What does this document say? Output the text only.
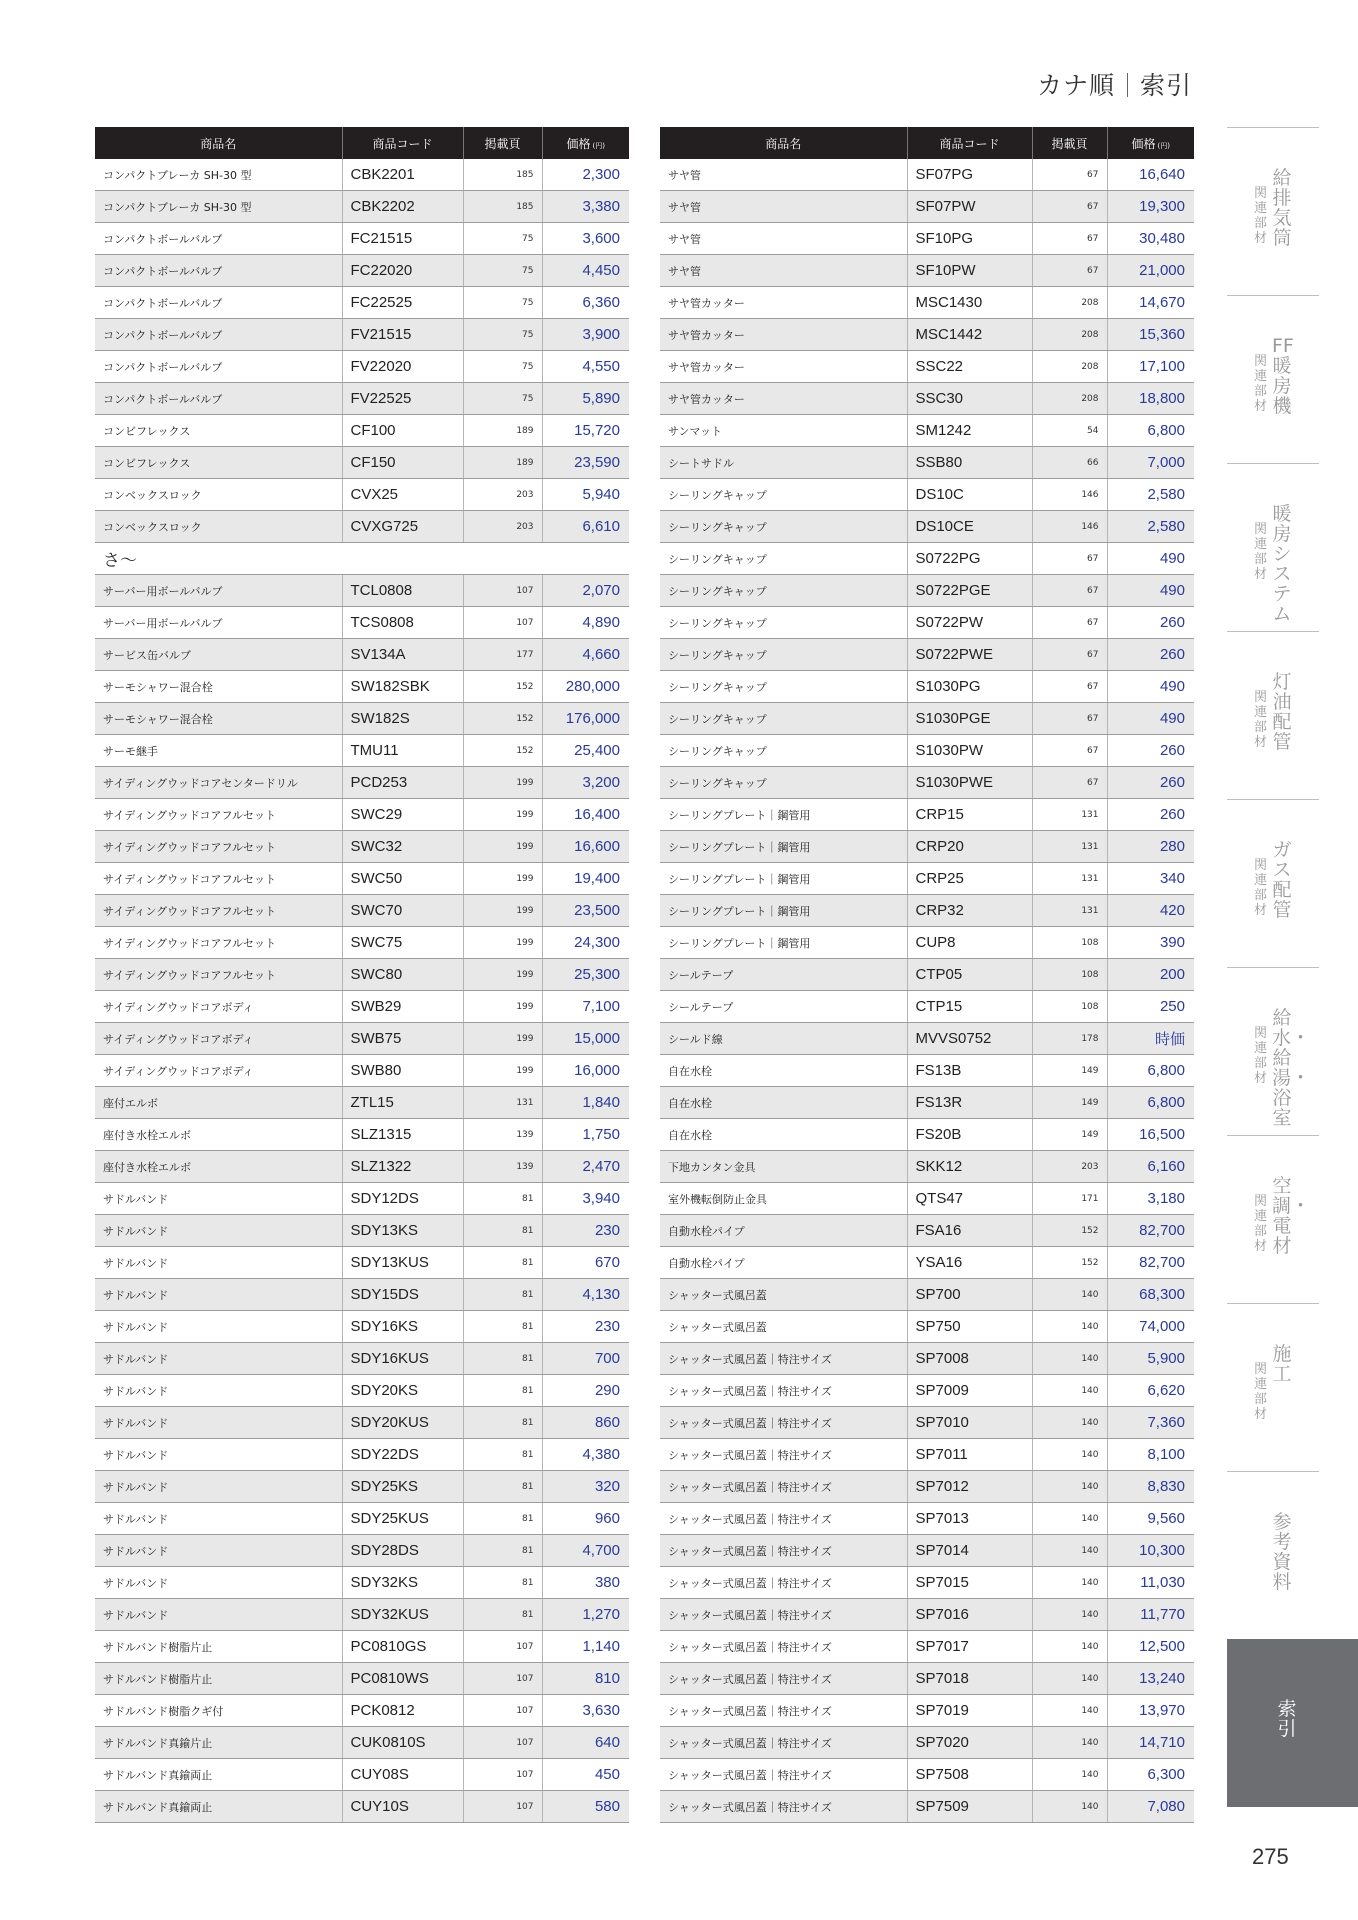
カナ順 索引
商品名	商品コード	掲載頁	価格 (円)
コンパクトブレーカ SH-30 型	CBK2201	185	2,300
コンパクトブレーカ SH-30 型	CBK2202	185	3,380
コンパクトボールバルブ	FC21515	75	3,600
コンパクトボールバルブ	FC22020	75	4,450
コンパクトボールバルブ	FC22525	75	6,360
コンパクトボールバルブ	FV21515	75	3,900
コンパクトボールバルブ	FV22020	75	4,550
コンパクトボールバルブ	FV22525	75	5,890
コンビフレックス	CF100	189	15,720
コンビフレックス	CF150	189	23,590
コンベックスロック	CVX25	203	5,940
コンベックスロック	CVXG725	203	6,610
さ〜			
サーバー用ボールバルブ	TCL0808	107	2,070
サーバー用ボールバルブ	TCS0808	107	4,890
サービス缶バルブ	SV134A	177	4,660
サーモシャワー混合栓	SW182SBK	152	280,000
サーモシャワー混合栓	SW182S	152	176,000
サーモ継手	TMU11	152	25,400
サイディングウッドコアセンタードリル	PCD253	199	3,200
サイディングウッドコアフルセット	SWC29	199	16,400
サイディングウッドコアフルセット	SWC32	199	16,600
サイディングウッドコアフルセット	SWC50	199	19,400
サイディングウッドコアフルセット	SWC70	199	23,500
サイディングウッドコアフルセット	SWC75	199	24,300
サイディングウッドコアフルセット	SWC80	199	25,300
サイディングウッドコアボディ	SWB29	199	7,100
サイディングウッドコアボディ	SWB75	199	15,000
サイディングウッドコアボディ	SWB80	199	16,000
座付エルボ	ZTL15	131	1,840
座付き水栓エルボ	SLZ1315	139	1,750
座付き水栓エルボ	SLZ1322	139	2,470
サドルバンド	SDY12DS	81	3,940
サドルバンド	SDY13KS	81	230
サドルバンド	SDY13KUS	81	670
サドルバンド	SDY15DS	81	4,130
サドルバンド	SDY16KS	81	230
サドルバンド	SDY16KUS	81	700
サドルバンド	SDY20KS	81	290
サドルバンド	SDY20KUS	81	860
サドルバンド	SDY22DS	81	4,380
サドルバンド	SDY25KS	81	320
サドルバンド	SDY25KUS	81	960
サドルバンド	SDY28DS	81	4,700
サドルバンド	SDY32KS	81	380
サドルバンド	SDY32KUS	81	1,270
サドルバンド樹脂片止	PC0810GS	107	1,140
サドルバンド樹脂片止	PC0810WS	107	810
サドルバンド樹脂クギ付	PCK0812	107	3,630
サドルバンド真鍮片止	CUK0810S	107	640
サドルバンド真鍮両止	CUY08S	107	450
サドルバンド真鍮両止	CUY10S	107	580
商品名	商品コード	掲載頁	価格 (円)
サヤ管	SF07PG	67	16,640
サヤ管	SF07PW	67	19,300
サヤ管	SF10PG	67	30,480
サヤ管	SF10PW	67	21,000
サヤ管カッター	MSC1430	208	14,670
サヤ管カッター	MSC1442	208	15,360
サヤ管カッター	SSC22	208	17,100
サヤ管カッター	SSC30	208	18,800
サンマット	SM1242	54	6,800
シートサドル	SSB80	66	7,000
シーリングキャップ	DS10C	146	2,580
シーリングキャップ	DS10CE	146	2,580
シーリングキャップ	S0722PG	67	490
シーリングキャップ	S0722PGE	67	490
シーリングキャップ	S0722PW	67	260
シーリングキャップ	S0722PWE	67	260
シーリングキャップ	S1030PG	67	490
シーリングキャップ	S1030PGE	67	490
シーリングキャップ	S1030PW	67	260
シーリングキャップ	S1030PWE	67	260
シーリングプレート｜鋼管用	CRP15	131	260
シーリングプレート｜鋼管用	CRP20	131	280
シーリングプレート｜鋼管用	CRP25	131	340
シーリングプレート｜鋼管用	CRP32	131	420
シーリングプレート｜鋼管用	CUP8	108	390
シールテープ	CTP05	108	200
シールテープ	CTP15	108	250
シールド線	MVVS0752	178	時価
自在水栓	FS13B	149	6,800
自在水栓	FS13R	149	6,800
自在水栓	FS20B	149	16,500
下地カンタン金具	SKK12	203	6,160
室外機転倒防止金具	QTS47	171	3,180
自動水栓パイプ	FSA16	152	82,700
自動水栓パイプ	YSA16	152	82,700
シャッター式風呂蓋	SP700	140	68,300
シャッター式風呂蓋	SP750	140	74,000
シャッター式風呂蓋｜特注サイズ	SP7008	140	5,900
シャッター式風呂蓋｜特注サイズ	SP7009	140	6,620
シャッター式風呂蓋｜特注サイズ	SP7010	140	7,360
シャッター式風呂蓋｜特注サイズ	SP7011	140	8,100
シャッター式風呂蓋｜特注サイズ	SP7012	140	8,830
シャッター式風呂蓋｜特注サイズ	SP7013	140	9,560
シャッター式風呂蓋｜特注サイズ	SP7014	140	10,300
シャッター式風呂蓋｜特注サイズ	SP7015	140	11,030
シャッター式風呂蓋｜特注サイズ	SP7016	140	11,770
シャッター式風呂蓋｜特注サイズ	SP7017	140	12,500
シャッター式風呂蓋｜特注サイズ	SP7018	140	13,240
シャッター式風呂蓋｜特注サイズ	SP7019	140	13,970
シャッター式風呂蓋｜特注サイズ	SP7020	140	14,710
シャッター式風呂蓋｜特注サイズ	SP7508	140	6,300
シャッター式風呂蓋｜特注サイズ	SP7509	140	7,080
給排気筒
関連部材
FF暖房機
関連部材
暖房システム
関連部材
灯油配管
関連部材
ガス配管
関連部材
給水・給湯・浴室
関連部材
空調・電材
関連部材
施工
関連部材
参考資料
索引
275
